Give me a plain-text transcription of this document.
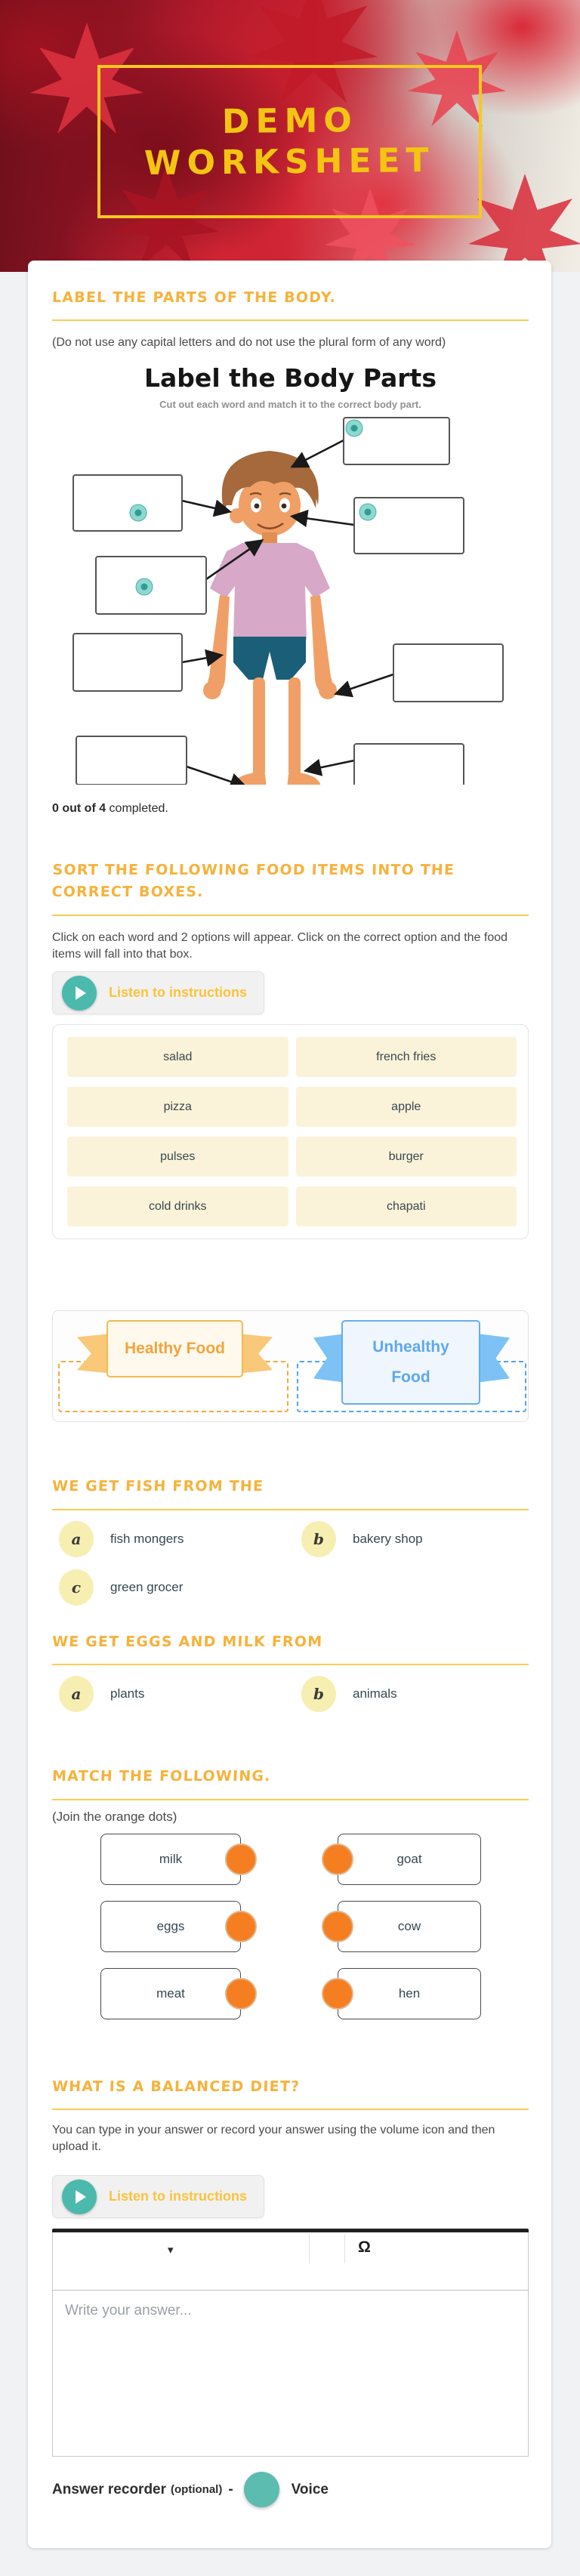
DEMO
WORKSHEET
LABEL THE PARTS OF THE BODY.

(Do not use any capital letters and do not use the plural form of any word)

Label the Body Parts
Cut out each word and match it to the correct body part.

0 out of 4 completed.

SORT THE FOLLOWING FOOD ITEMS INTO THE CORRECT BOXES.

Click on each word and 2 options will appear. Click on the correct option and the food items will fall into that box.

Listen to instructions
salad	french fries
pizza	apple
pulses	burger
cold drinks	chapati
Healthy Food	Unhealthy Food
WE GET FISH FROM THE
a	fish mongers	b	bakery shop
c	green grocer
WE GET EGGS AND MILK FROM
a	plants	b	animals
MATCH THE FOLLOWING.

(Join the orange dots)

milk	goat
eggs	cow
meat	hen
WHAT IS A BALANCED DIET?

You can type in your answer or record your answer using the volume icon and then upload it.

Listen to instructions
▾	Ω
Write your answer...
Answer recorder (optional) -	Voice
